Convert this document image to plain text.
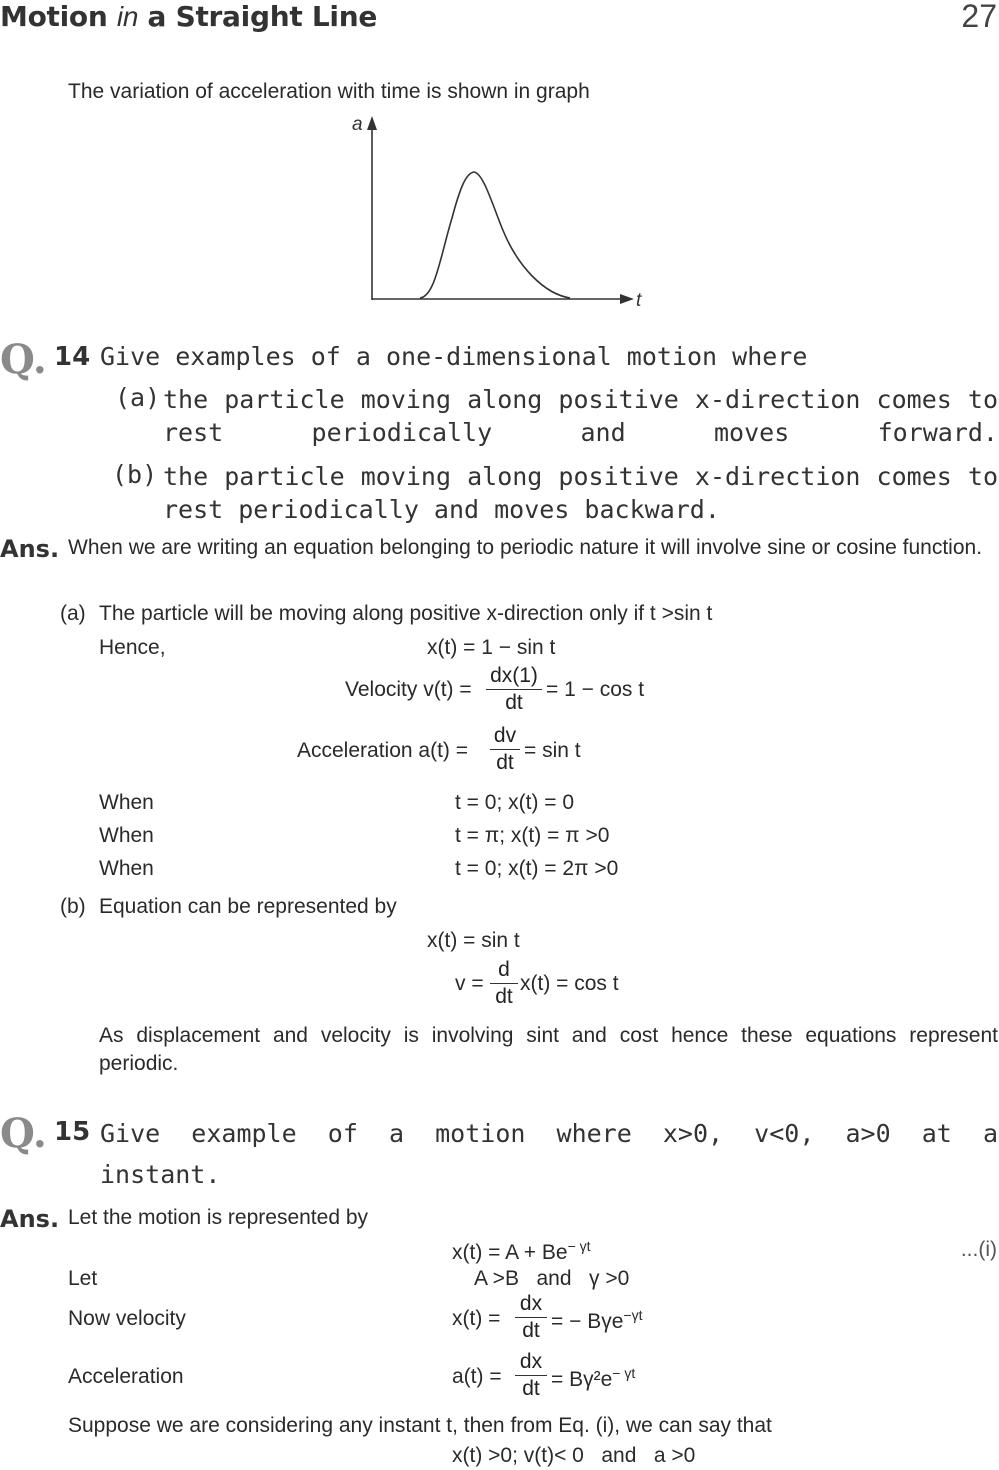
Motion in a Straight Line	27
The variation of acceleration with time is shown in graph
a
t
Q. 14 Give examples of a one-dimensional motion where
(a) the particle moving along positive x-direction comes to rest periodically and moves forward.
(b) the particle moving along positive x-direction comes to rest periodically and moves backward.
Ans. When we are writing an equation belonging to periodic nature it will involve sine or cosine function.
(a) The particle will be moving along positive x-direction only if t >sin t
Hence,	x(t) = 1 − sin t
Velocity v(t) =
dx(1)
dt
= 1 − cos t
Acceleration a(t) =
dv
dt
= sin t
When	t = 0; x(t) = 0
When	t = π; x(t) = π >0
When	t = 0; x(t) = 2π >0
(b) Equation can be represented by
x(t) = sin t
v =
d
dt
x(t) = cos t
As displacement and velocity is involving sint and cost hence these equations represent periodic.
Q. 15 Give example of a motion where x>0, v<0, a>0 at a
instant.
Ans. Let the motion is represented by
$x(t) = A + Be^{- \gamma t}$	...(i)
Let	A >B   and   γ >0
Now velocity	x(t) =
dx
dt = − Bγe$^{-\gamma t}$
Acceleration	a(t) =
dx
dt = $B\gamma^2e^{- \gamma t}$
Suppose we are considering any instant t, then from Eq. (i), we can say that
x(t) >0; v(t)< 0   and   a >0
